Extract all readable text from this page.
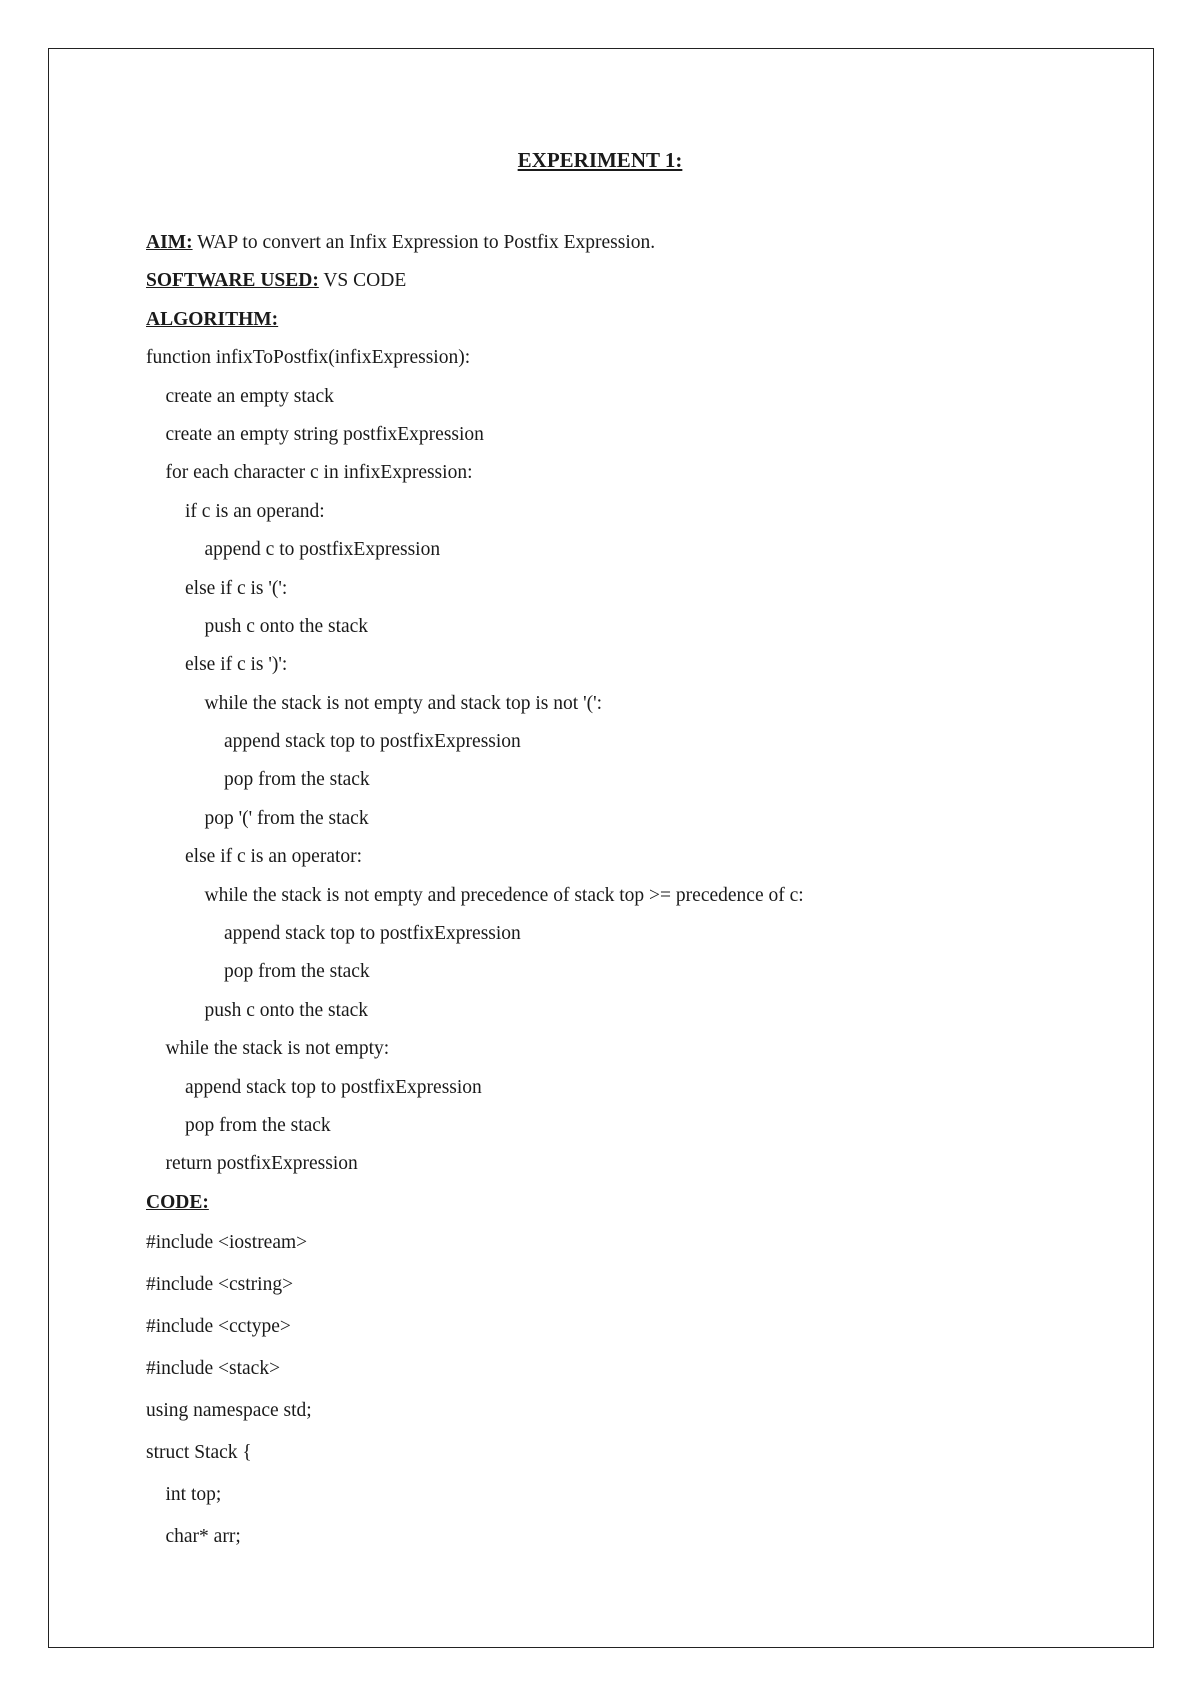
EXPERIMENT 1:
AIM: WAP to convert an Infix Expression to Postfix Expression.
SOFTWARE USED: VS CODE
ALGORITHM:
function infixToPostfix(infixExpression):
create an empty stack
create an empty string postfixExpression
for each character c in infixExpression:
if c is an operand:
append c to postfixExpression
else if c is '(':
push c onto the stack
else if c is ')':
while the stack is not empty and stack top is not '(':
append stack top to postfixExpression
pop from the stack
pop '(' from the stack
else if c is an operator:
while the stack is not empty and precedence of stack top >= precedence of c:
append stack top to postfixExpression
pop from the stack
push c onto the stack
while the stack is not empty:
append stack top to postfixExpression
pop from the stack
return postfixExpression
CODE:
#include <iostream>
#include <cstring>
#include <cctype>
#include <stack>
using namespace std;
struct Stack {
int top;
char* arr;
